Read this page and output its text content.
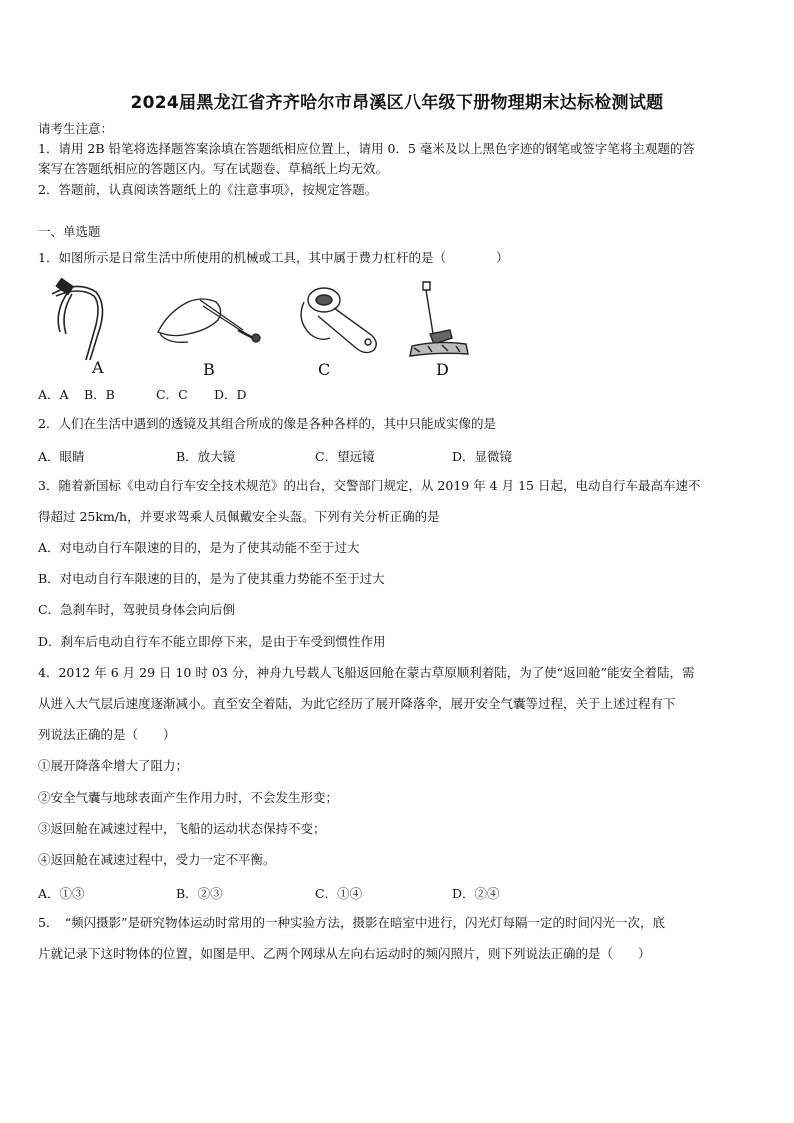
2024届黑龙江省齐齐哈尔市昂溪区八年级下册物理期末达标检测试题
请考生注意：
1．请用 2B 铅笔将选择题答案涂填在答题纸相应位置上，请用 0．5 毫米及以上黑色字迹的钢笔或签字笔将主观题的答
案写在答题纸相应的答题区内。写在试题卷、草稿纸上均无效。
2．答题前，认真阅读答题纸上的《注意事项》，按规定答题。
一、单选题
1．如图所示是日常生活中所使用的机械或工具，其中属于费力杠杆的是（　　　　）
A	B	C	D
A．A B．B	C．C D．D
2．人们在生活中遇到的透镜及其组合所成的像是各种各样的，其中只能成实像的是
A．眼睛	B．放大镜	C．望远镜	D．显微镜
3．随着新国标《电动自行车安全技术规范》的出台，交警部门规定，从 2019 年 4 月 15 日起，电动自行车最高车速不
得超过 25km/h，并要求驾乘人员佩戴安全头盔。下列有关分析正确的是
A．对电动自行车限速的目的，是为了使其动能不至于过大
B．对电动自行车限速的目的，是为了使其重力势能不至于过大
C．急刹车时，驾驶员身体会向后倒
D．刹车后电动自行车不能立即停下来，是由于车受到惯性作用
4．2012 年 6 月 29 日 10 时 03 分，神舟九号载人飞船返回舱在蒙古草原顺利着陆，为了使“返回舱”能安全着陆，需
从进入大气层后速度逐渐减小。直至安全着陆，为此它经历了展开降落伞，展开安全气囊等过程，关于上述过程有下
列说法正确的是（　　）
①展开降落伞增大了阻力；
②安全气囊与地球表面产生作用力时，不会发生形变；
③返回舱在减速过程中，飞船的运动状态保持不变；
④返回舱在减速过程中，受力一定不平衡。
A．①③	B．②③	C．①④	D．②④
5．　“频闪摄影”是研究物体运动时常用的一种实验方法，摄影在暗室中进行，闪光灯每隔一定的时间闪光一次，底
片就记录下这时物体的位置，如图是甲、乙两个网球从左向右运动时的频闪照片，则下列说法正确的是（　　）
